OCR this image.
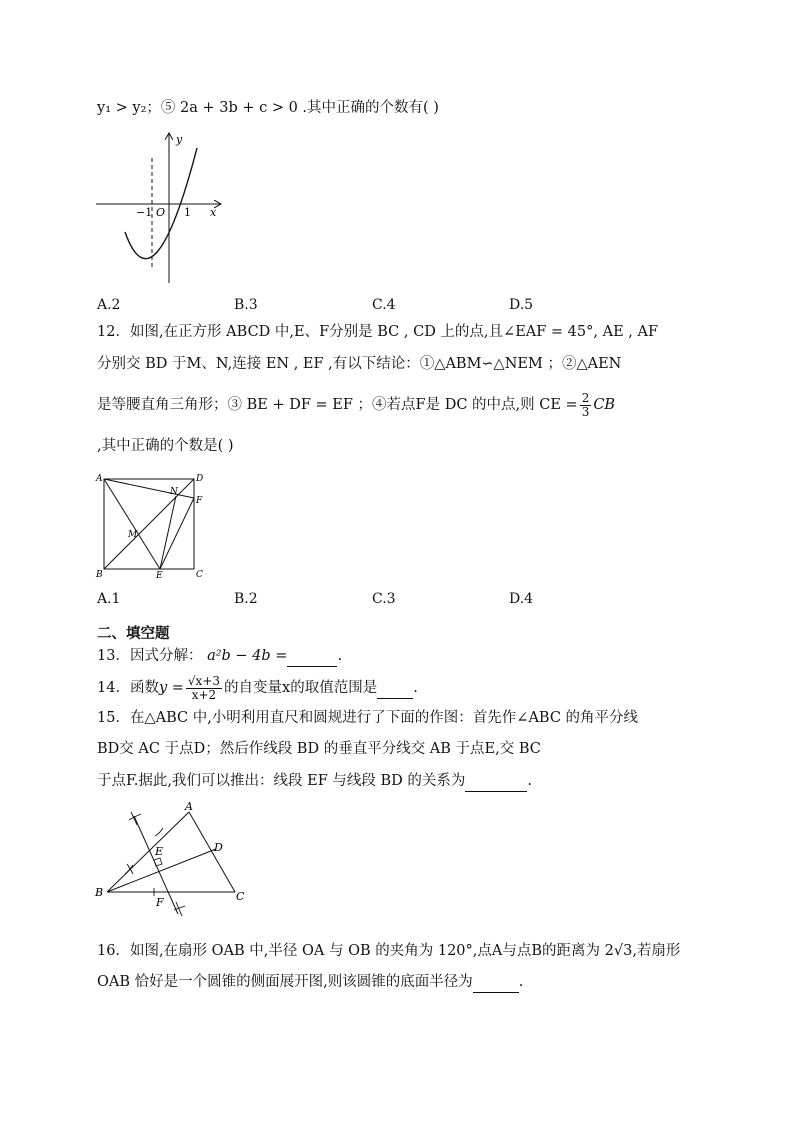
y₁ > y₂；⑤ 2a + 3b + c > 0 .其中正确的个数有( )
y
x
O
−1	1
A.2	B.3	C.4	D.5
12．如图,在正方形 ABCD 中,E、F分别是 BC , CD 上的点,且∠EAF = 45°, AE , AF
分别交 BD 于M、N,连接 EN , EF ,有以下结论：①△ABM∽△NEM ；②△AEN
是等腰直角三角形；③ BE + DF = EF ；④若点F是 DC 的中点,则 CE = $\frac{2}{3}$ CB
,其中正确的个数是( )
A	D
B	C
E
F
M
N
A.1	B.2	C.3	D.4
二、填空题
13．因式分解： a²b − 4b =	.
14．函数 $y = \frac{√x+3}{x+2}$ 的自变量x的取值范围是
.
15．在△ABC 中,小明利用直尺和圆规进行了下面的作图：首先作∠ABC 的角平分线
BD交 AC 于点D；然后作线段 BD 的垂直平分线交 AB 于点E,交 BC
于点F.据此,我们可以推出：线段 EF 与线段 BD 的关系为	.
A
B	C
D
E
F
16．如图,在扇形 OAB 中,半径 OA 与 OB 的夹角为 120°,点A与点B的距离为 2√3,若扇形
OAB 恰好是一个圆锥的侧面展开图,则该圆锥的底面半径为	.
